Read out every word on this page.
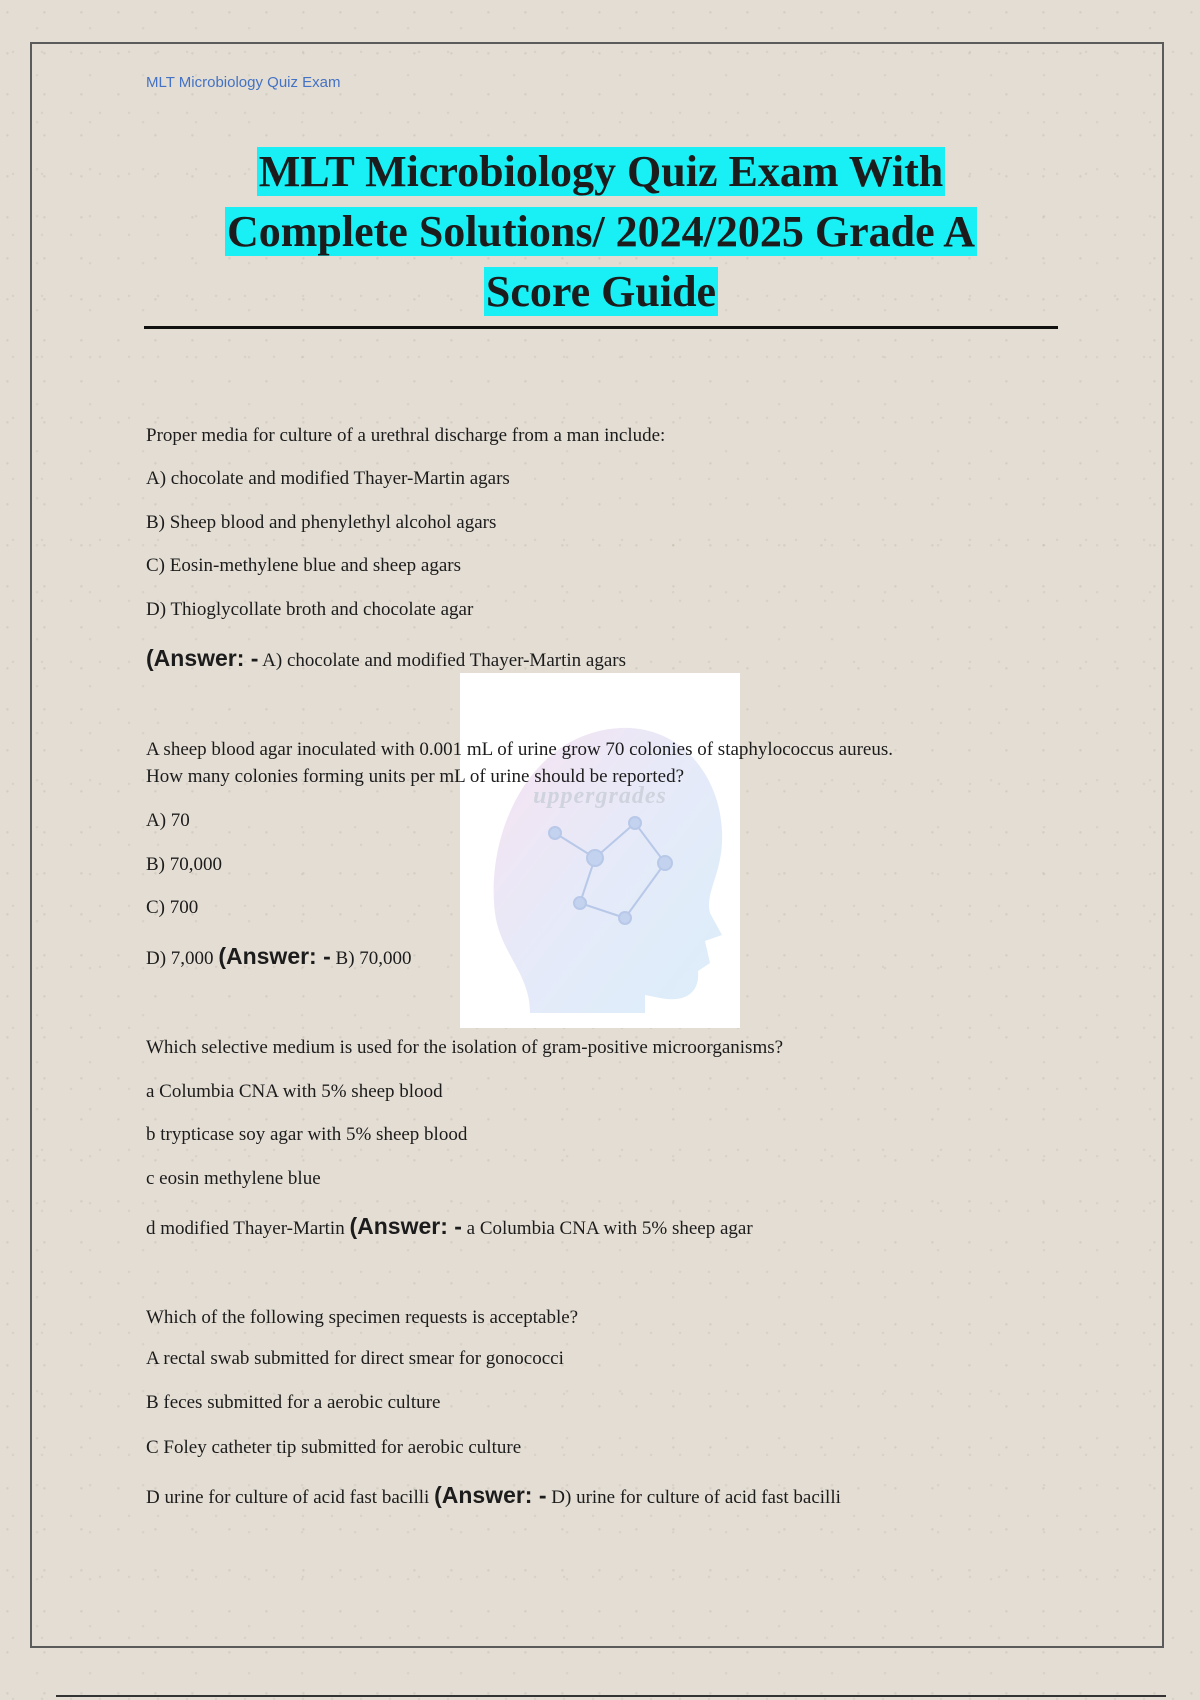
MLT Microbiology Quiz Exam
MLT Microbiology Quiz Exam With
Complete Solutions/ 2024/2025 Grade A
Score Guide
uppergrades
Proper media for culture of a urethral discharge from a man include:
A) chocolate and modified Thayer-Martin agars
B) Sheep blood and phenylethyl alcohol agars
C) Eosin-methylene blue and sheep agars
D) Thioglycollate broth and chocolate agar
(Answer: - A) chocolate and modified Thayer-Martin agars
A sheep blood agar inoculated with 0.001 mL of urine grow 70 colonies of staphylococcus aureus.
How many colonies forming units per mL of urine should be reported?
A) 70
B) 70,000
C) 700
D) 7,000 (Answer: - B) 70,000
Which selective medium is used for the isolation of gram-positive microorganisms?
a Columbia CNA with 5% sheep blood
b trypticase soy agar with 5% sheep blood
c eosin methylene blue
d modified Thayer-Martin (Answer: - a Columbia CNA with 5% sheep agar
Which of the following specimen requests is acceptable?
A rectal swab submitted for direct smear for gonococci
B feces submitted for a aerobic culture
C Foley catheter tip submitted for aerobic culture
D urine for culture of acid fast bacilli (Answer: - D) urine for culture of acid fast bacilli
